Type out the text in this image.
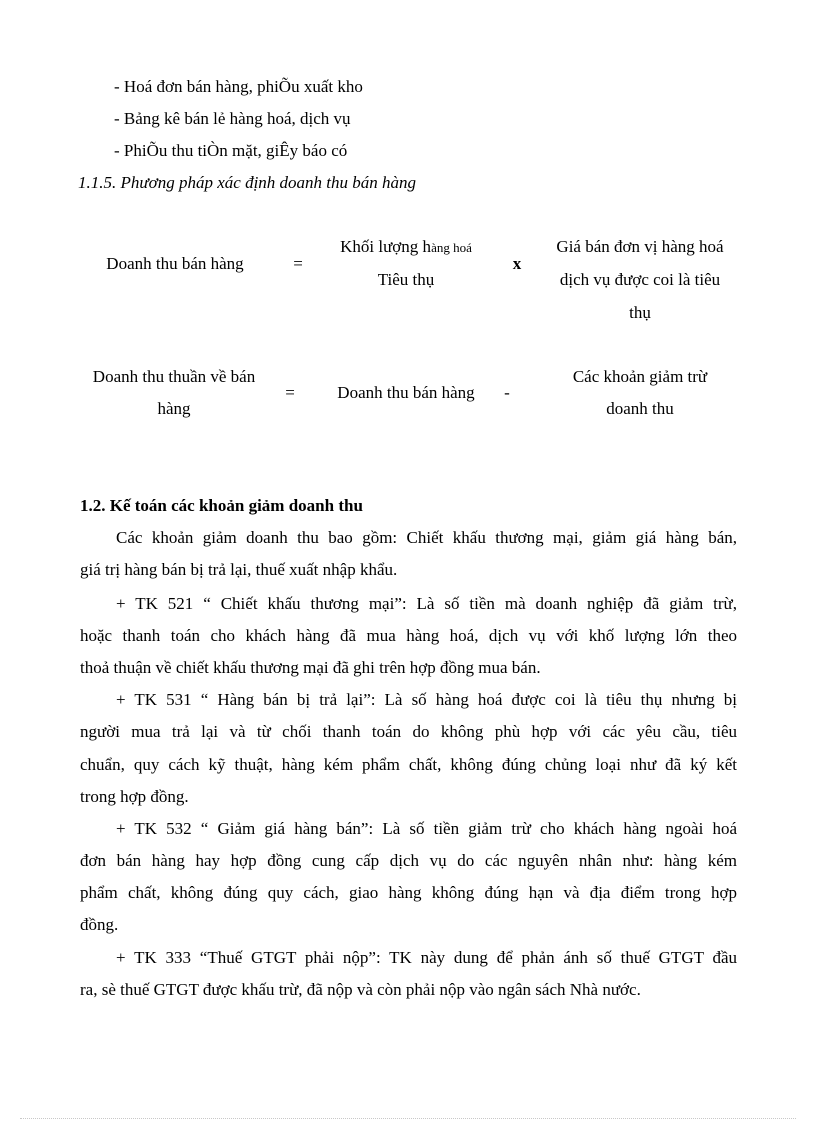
- Hoá đơn bán hàng, phiÕu xuất kho
- Bảng kê bán lẻ hàng hoá, dịch vụ
- PhiÕu thu tiÒn mặt, giÊy báo có
1.1.5. Phương pháp xác định doanh thu bán hàng
Doanh thu bán hàng	=
Khối lượng hàng hoá
Tiêu thụ
x
Giá bán đơn vị hàng hoá
dịch vụ được coi là tiêu
thụ
Doanh thu thuần về bán
hàng
=	Doanh thu bán hàng	-
Các khoản giảm trừ
doanh thu
1.2. Kế toán các khoản giảm doanh thu
Các khoản giảm doanh thu bao gồm: Chiết khấu thương mại, giảm giá hàng bán,
giá trị hàng bán bị trả lại, thuế xuất nhập khẩu.
+ TK 521 “ Chiết khấu thương mại”: Là số tiền mà doanh nghiệp đã giảm trừ,
hoặc thanh toán cho khách hàng đã mua hàng hoá, dịch vụ với khố lượng lớn theo
thoả thuận về chiết khấu thương mại đã ghi trên hợp đồng mua bán.
+ TK 531 “ Hàng bán bị trả lại”: Là số hàng hoá được coi là tiêu thụ nhưng bị
người mua trả lại và từ chối thanh toán do không phù hợp với các yêu cầu, tiêu
chuẩn, quy cách kỹ thuật, hàng kém phẩm chất, không đúng chủng loại như đã ký kết
trong hợp đồng.
+ TK 532 “ Giảm giá hàng bán”: Là số tiền giảm trừ cho khách hàng ngoài hoá
đơn bán hàng hay hợp đồng cung cấp dịch vụ do các nguyên nhân như: hàng kém
phẩm chất, không đúng quy cách, giao hàng không đúng hạn và địa điểm trong hợp
đồng.
+ TK 333 “Thuế GTGT phải nộp”: TK này dung để phản ánh số thuế GTGT đầu
ra, sè thuế GTGT được khấu trừ, đã nộp và còn phải nộp vào ngân sách Nhà nước.
